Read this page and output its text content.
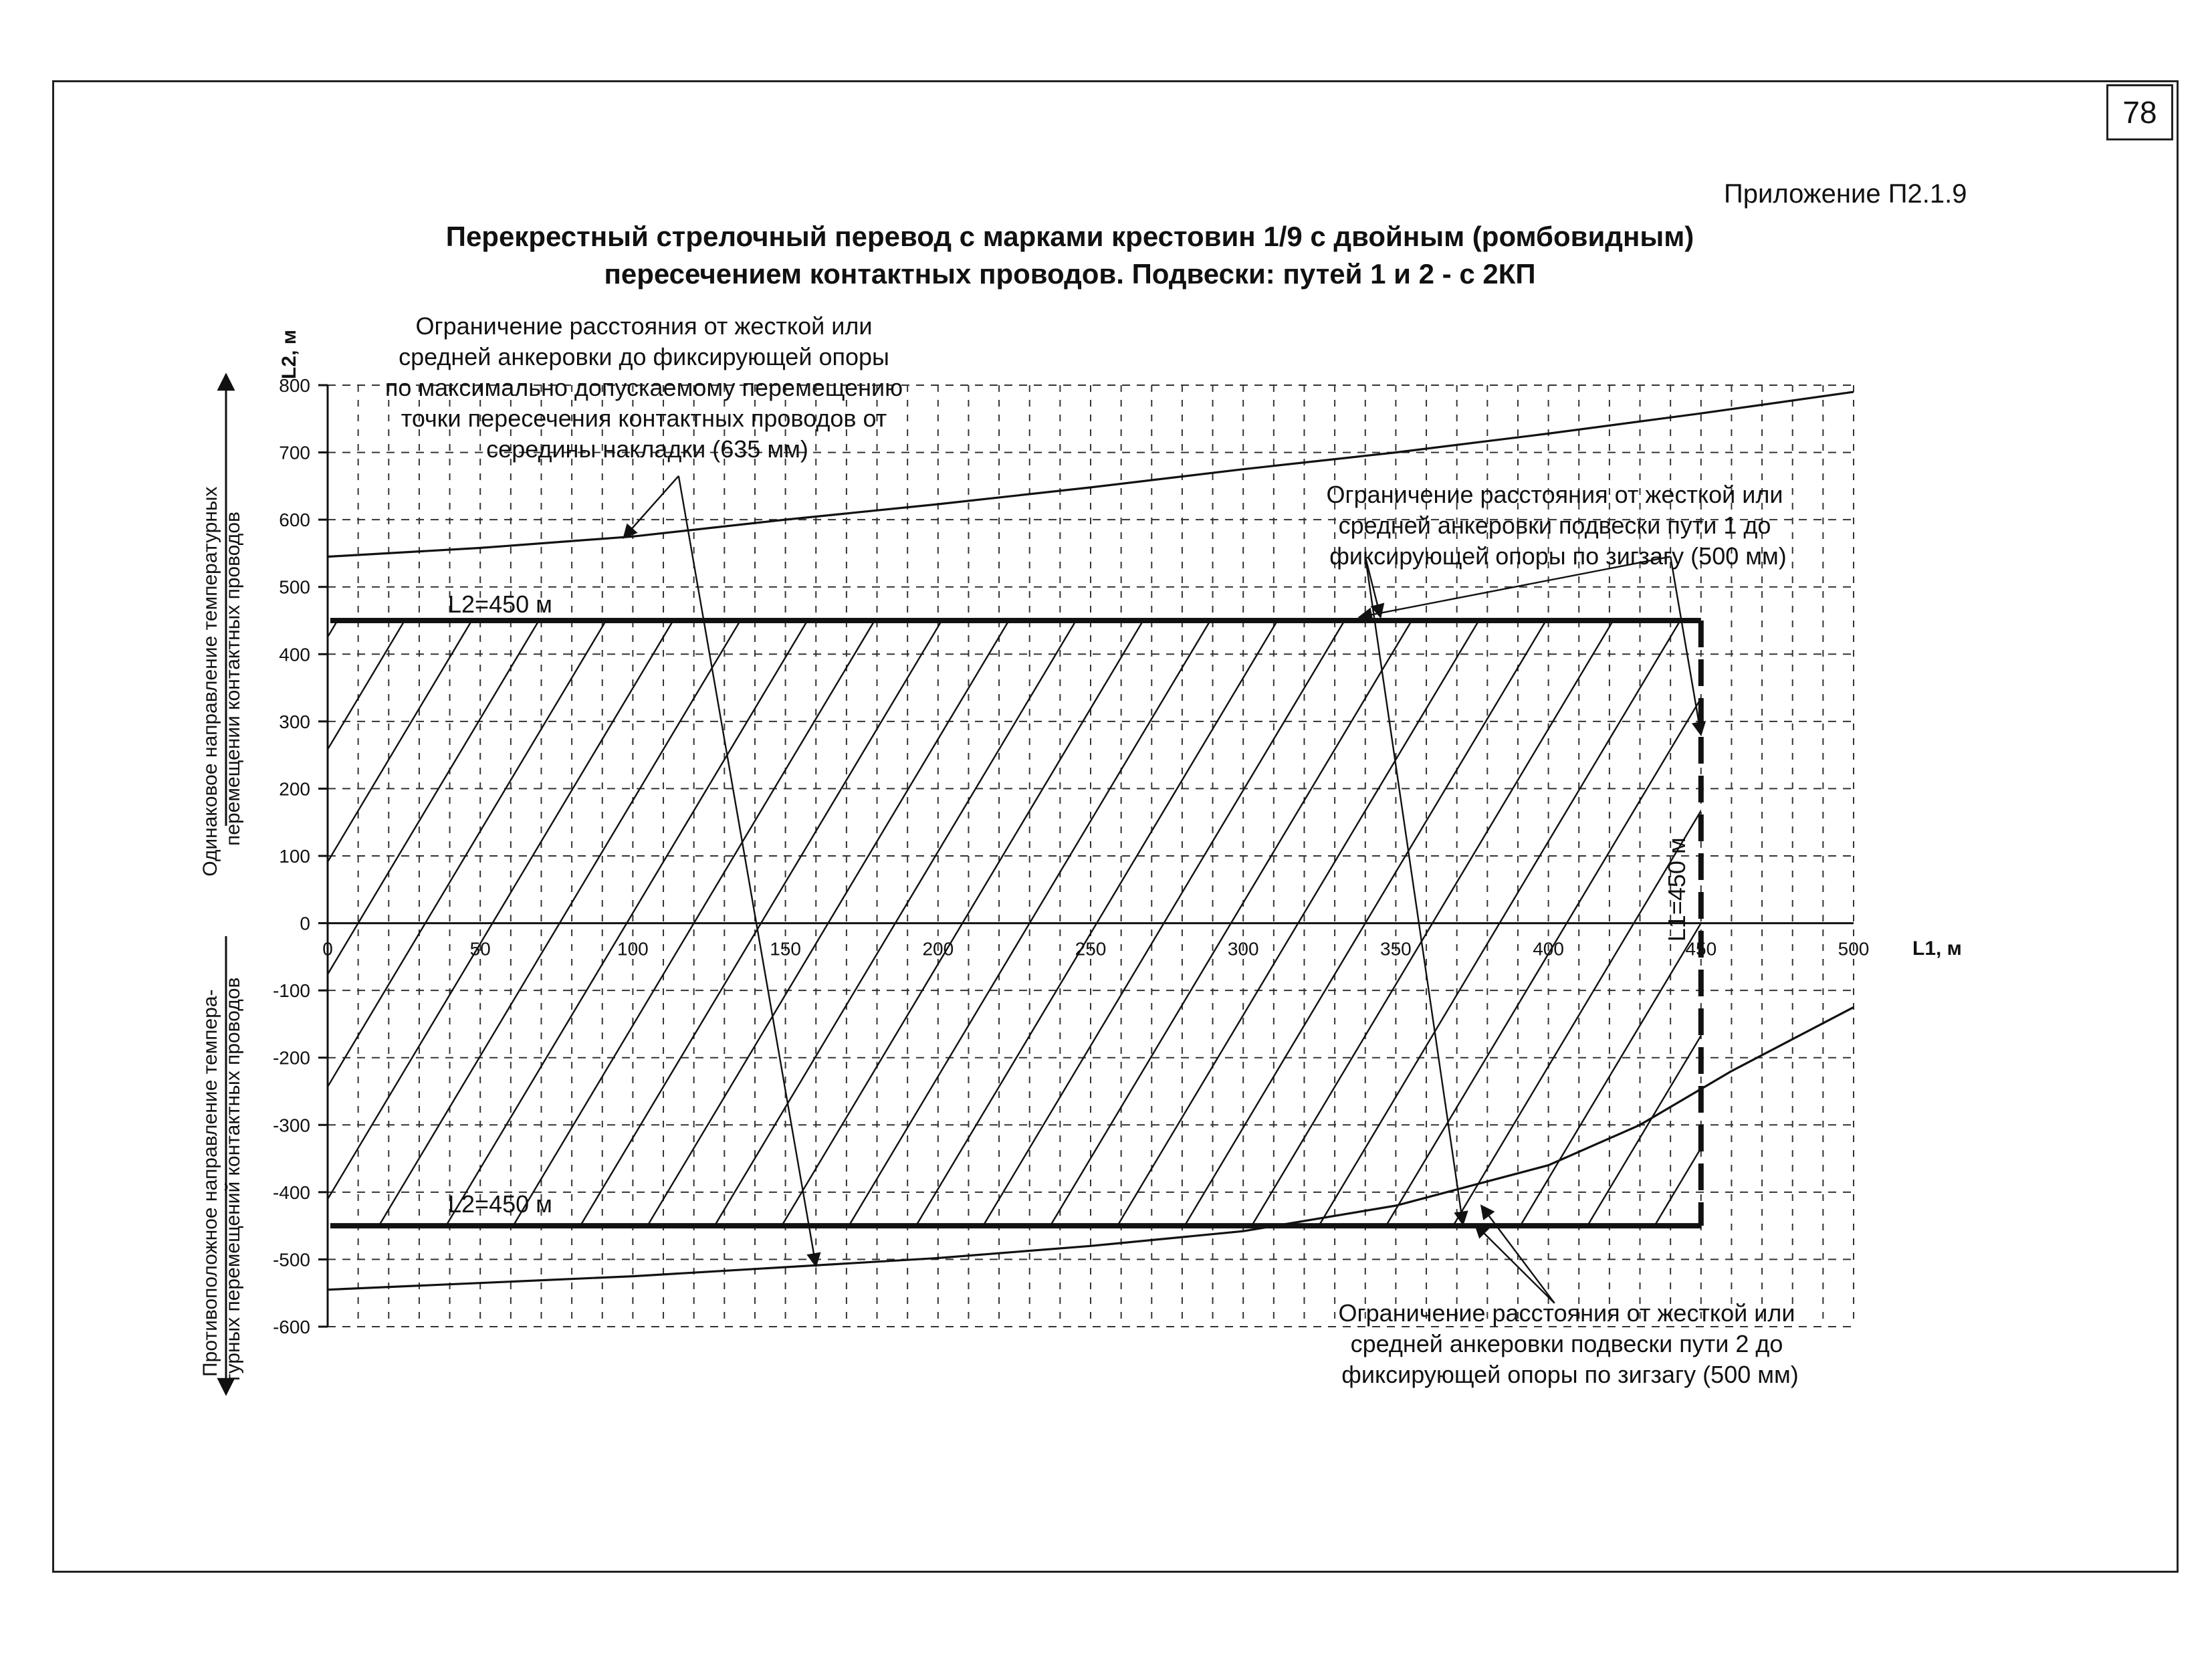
78
Приложение П2.1.9
Перекрестный стрелочный перевод с марками крестовин 1/9 с двойным (ромбовидным)
пересечением контактных проводов. Подвески: путей 1 и 2 - с 2КП
L2=450 м
L2=450 м
L1=450 м
800
700
600
500
400
300
200
100
0
-100
-200
-300
-400
-500
-600
0	50	100	150	200	250	300	350	400	450	500
Ограничение расстояния от жесткой или средней анкеровки до фиксирующей опоры по максимально допускаемому перемещению точки пересечения контактных проводов от середины накладки (635 мм)
Ограничение расстояния от жесткой или средней анкеровки подвески пути 1 до фиксирующей опоры по зигзагу (500 мм)
Ограничение расстояния от жесткой или средней анкеровки подвески пути 2 до фиксирующей опоры по зигзагу (500 мм)
L2, м
L1, м
Одинаковое направление температурных перемещении контактных проводов
Противоположное направление темпера- турных перемещений контактных проводов
